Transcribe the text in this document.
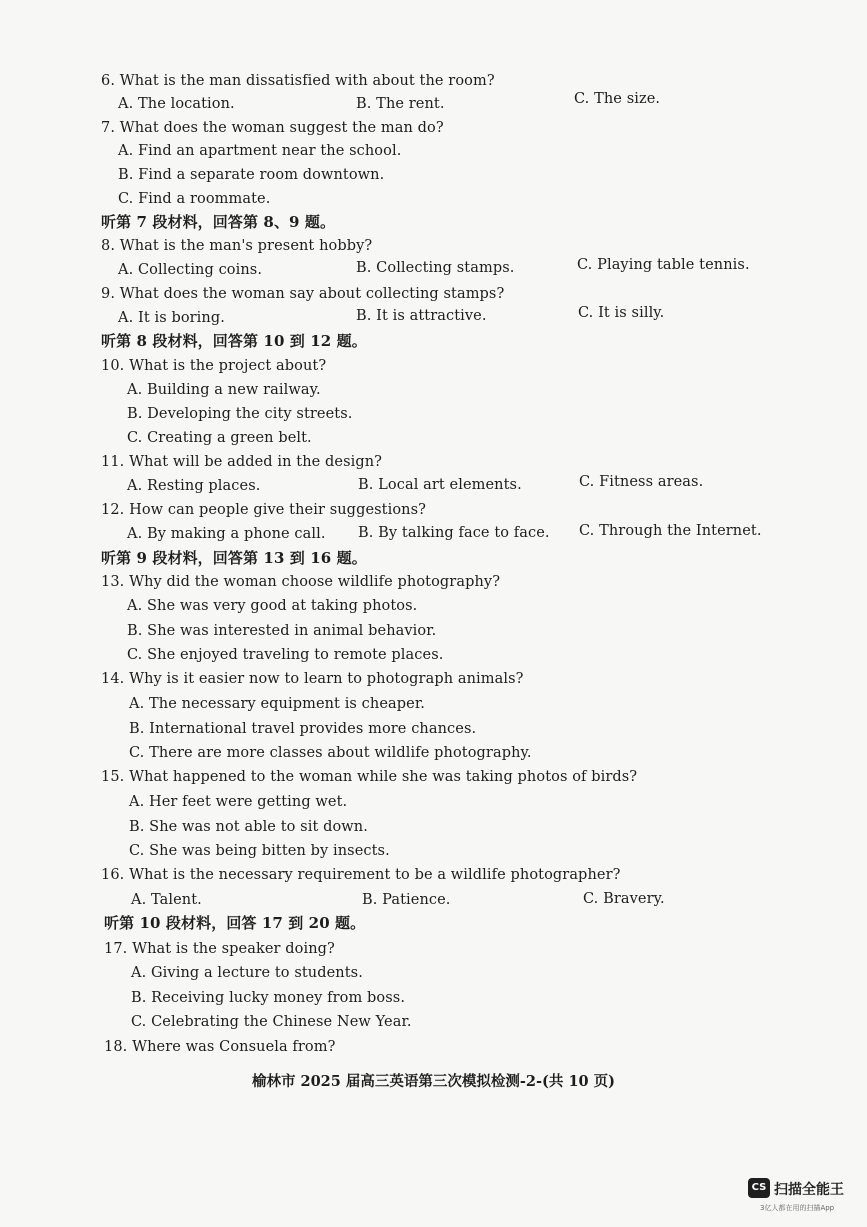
6. What is the man dissatisfied with about the room?
A. The location.	B. The rent.	C. The size.
7. What does the woman suggest the man do?
A. Find an apartment near the school.
B. Find a separate room downtown.
C. Find a roommate.
听第 7 段材料，回答第 8、9 题。
8. What is the man's present hobby?
A. Collecting coins.	B. Collecting stamps.	C. Playing table tennis.
9. What does the woman say about collecting stamps?
A. It is boring.	B. It is attractive.	C. It is silly.
听第 8 段材料，回答第 10 到 12 题。
10. What is the project about?
A. Building a new railway.
B. Developing the city streets.
C. Creating a green belt.
11. What will be added in the design?
A. Resting places.	B. Local art elements.	C. Fitness areas.
12. How can people give their suggestions?
A. By making a phone call. B. By talking face to face. C. Through the Internet.
听第 9 段材料，回答第 13 到 16 题。
13. Why did the woman choose wildlife photography?
A. She was very good at taking photos.
B. She was interested in animal behavior.
C. She enjoyed traveling to remote places.
14. Why is it easier now to learn to photograph animals?
A. The necessary equipment is cheaper.
B. International travel provides more chances.
C. There are more classes about wildlife photography.
15. What happened to the woman while she was taking photos of birds?
A. Her feet were getting wet.
B. She was not able to sit down.
C. She was being bitten by insects.
16. What is the necessary requirement to be a wildlife photographer?
A. Talent.	B. Patience.	C. Bravery.
听第 10 段材料，回答 17 到 20 题。
17. What is the speaker doing?
A. Giving a lecture to students.
B. Receiving lucky money from boss.
C. Celebrating the Chinese New Year.
18. Where was Consuela from?
榆林市 2025 届高三英语第三次模拟检测-2-(共 10 页)
CS 扫描全能王
3亿人都在用的扫描App
